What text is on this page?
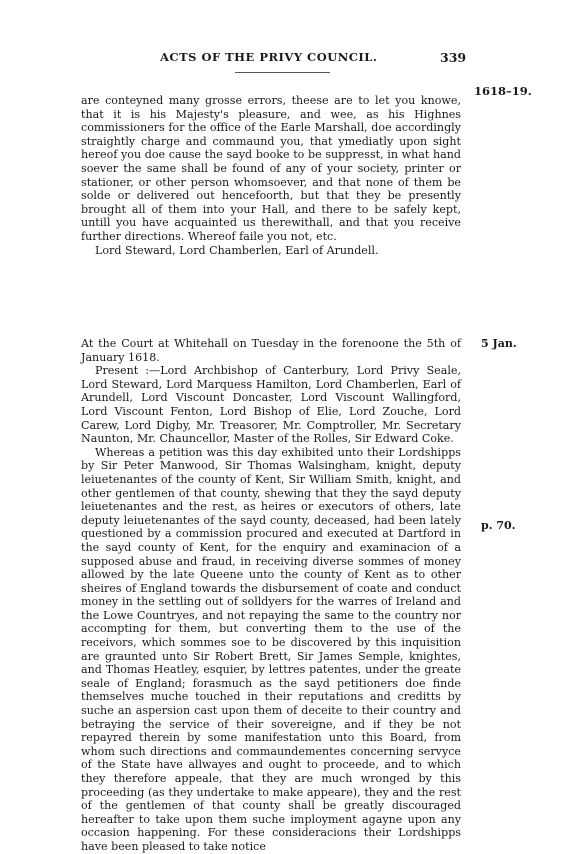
ACTS OF THE PRIVY COUNCIL.	339
1618–19.
5 Jan.
p. 70.

are conteyned many grosse errors, theese are to let you knowe, that it is his Majesty's pleasure, and wee, as his Highnes commissioners for the office of the Earle Marshall, doe accordingly straightly charge and commaund you, that ymediatly upon sight hereof you doe cause the sayd booke to be suppresst, in what hand soever the same shall be found of any of your society, printer or stationer, or other person whomsoever, and that none of them be solde or delivered out hencefoorth, but that they be presently brought all of them into your Hall, and there to be safely kept, untill you have acquainted us therewithall, and that you receive further directions. Whereof faile you not, etc.

Lord Steward, Lord Chamberlen, Earl of Arundell.

At the Court at Whitehall on Tuesday in the forenoone the 5th of January 1618.

Present :—Lord Archbishop of Canterbury, Lord Privy Seale, Lord Steward, Lord Marquess Hamilton, Lord Chamberlen, Earl of Arundell, Lord Viscount Doncaster, Lord Viscount Wallingford, Lord Viscount Fenton, Lord Bishop of Elie, Lord Zouche, Lord Carew, Lord Digby, Mr. Treasorer, Mr. Comptroller, Mr. Secretary Naunton, Mr. Chauncellor, Master of the Rolles, Sir Edward Coke.

Whereas a petition was this day exhibited unto their Lordshipps by Sir Peter Manwood, Sir Thomas Walsingham, knight, deputy leiuetenantes of the county of Kent, Sir William Smith, knight, and other gentlemen of that county, shewing that they the sayd deputy leiuetenantes and the rest, as heires or executors of others, late deputy leiuetenantes of the sayd county, deceased, had been lately questioned by a commission procured and executed at Dartford in the sayd county of Kent, for the enquiry and examinacion of a supposed abuse and fraud, in receiving diverse sommes of money allowed by the late Queene unto the county of Kent as to other sheires of England towards the disbursement of coate and conduct money in the settling out of solldyers for the warres of Ireland and the Lowe Countryes, and not repaying the same to the country nor accompting for them, but converting them to the use of the receivors, which sommes soe to be discovered by this inquisition are graunted unto Sir Robert Brett, Sir James Semple, knightes, and Thomas Heatley, esquier, by lettres patentes, under the greate seale of England; forasmuch as the sayd petitioners doe finde themselves muche touched in their reputations and creditts by suche an aspersion cast upon them of deceite to their country and betraying the service of their sovereigne, and if they be not repayred therein by some manifestation unto this Board, from whom such directions and commaundementes concerning servyce of the State have allwayes and ought to proceede, and to which they therefore appeale, that they are much wronged by this proceeding (as they undertake to make appeare), they and the rest of the gentlemen of that county shall be greatly discouraged hereafter to take upon them suche imployment agayne upon any occasion happening. For these consideracions their Lordshipps have been pleased to take notice
